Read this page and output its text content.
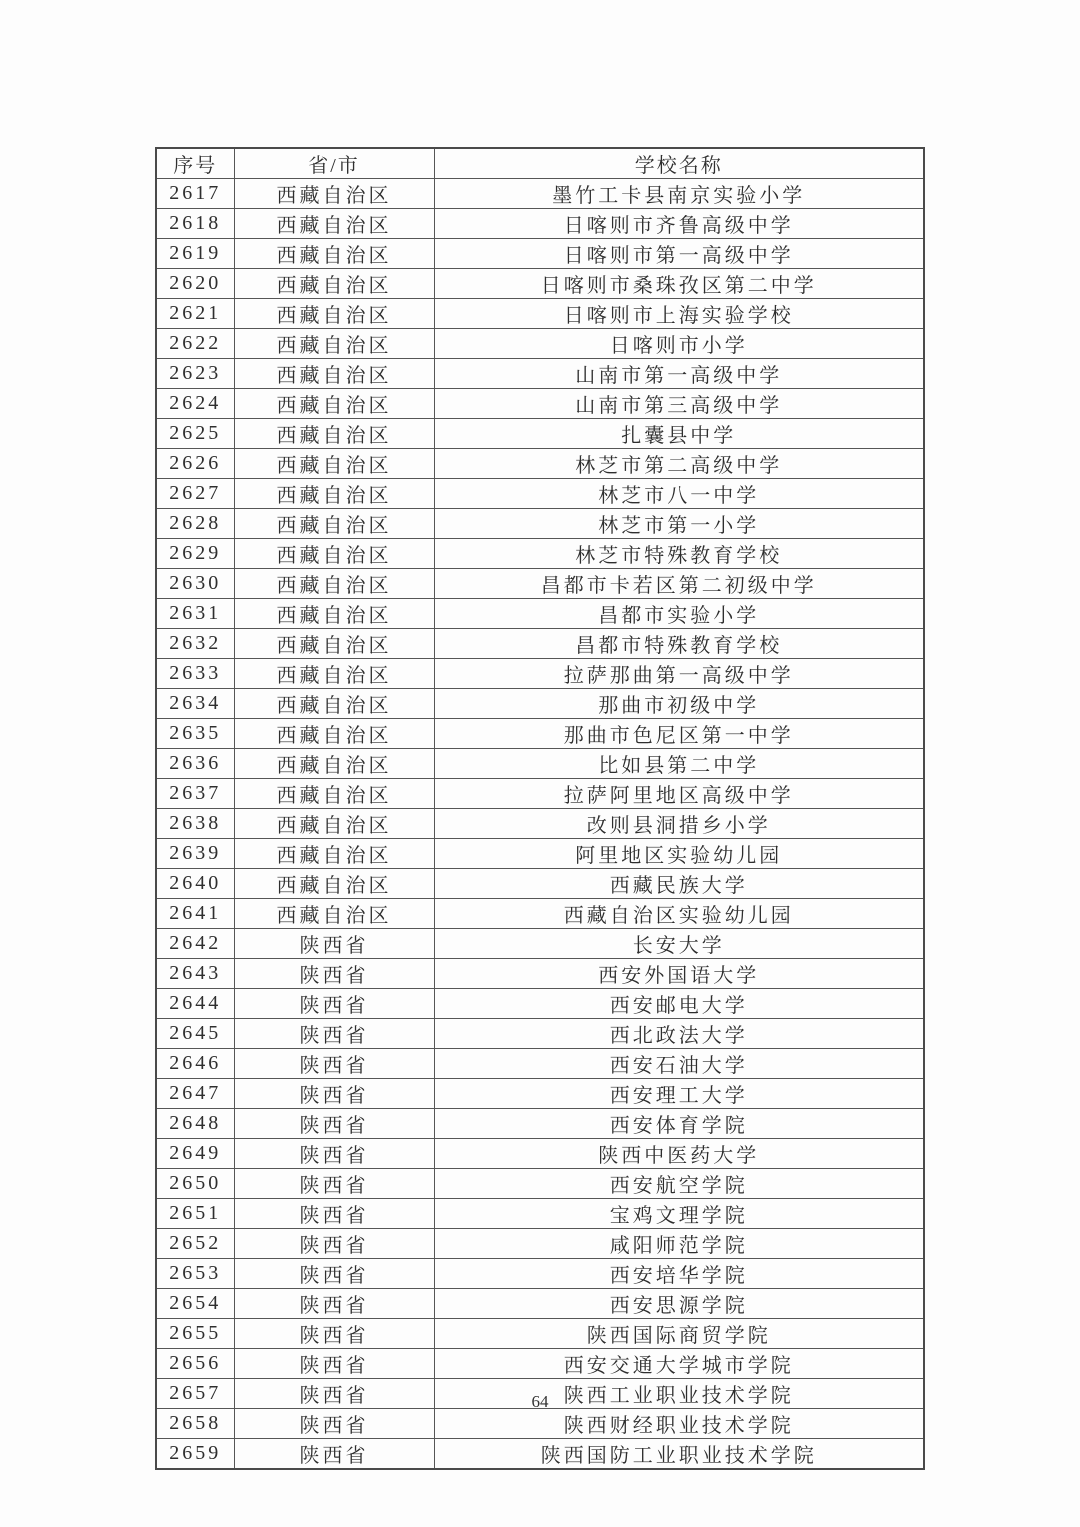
序号	省/市	学校名称
2617	西藏自治区	墨竹工卡县南京实验小学
2618	西藏自治区	日喀则市齐鲁高级中学
2619	西藏自治区	日喀则市第一高级中学
2620	西藏自治区	日喀则市桑珠孜区第二中学
2621	西藏自治区	日喀则市上海实验学校
2622	西藏自治区	日喀则市小学
2623	西藏自治区	山南市第一高级中学
2624	西藏自治区	山南市第三高级中学
2625	西藏自治区	扎囊县中学
2626	西藏自治区	林芝市第二高级中学
2627	西藏自治区	林芝市八一中学
2628	西藏自治区	林芝市第一小学
2629	西藏自治区	林芝市特殊教育学校
2630	西藏自治区	昌都市卡若区第二初级中学
2631	西藏自治区	昌都市实验小学
2632	西藏自治区	昌都市特殊教育学校
2633	西藏自治区	拉萨那曲第一高级中学
2634	西藏自治区	那曲市初级中学
2635	西藏自治区	那曲市色尼区第一中学
2636	西藏自治区	比如县第二中学
2637	西藏自治区	拉萨阿里地区高级中学
2638	西藏自治区	改则县洞措乡小学
2639	西藏自治区	阿里地区实验幼儿园
2640	西藏自治区	西藏民族大学
2641	西藏自治区	西藏自治区实验幼儿园
2642	陕西省	长安大学
2643	陕西省	西安外国语大学
2644	陕西省	西安邮电大学
2645	陕西省	西北政法大学
2646	陕西省	西安石油大学
2647	陕西省	西安理工大学
2648	陕西省	西安体育学院
2649	陕西省	陕西中医药大学
2650	陕西省	西安航空学院
2651	陕西省	宝鸡文理学院
2652	陕西省	咸阳师范学院
2653	陕西省	西安培华学院
2654	陕西省	西安思源学院
2655	陕西省	陕西国际商贸学院
2656	陕西省	西安交通大学城市学院
2657	陕西省	陕西工业职业技术学院
2658	陕西省	陕西财经职业技术学院
2659	陕西省	陕西国防工业职业技术学院
64
